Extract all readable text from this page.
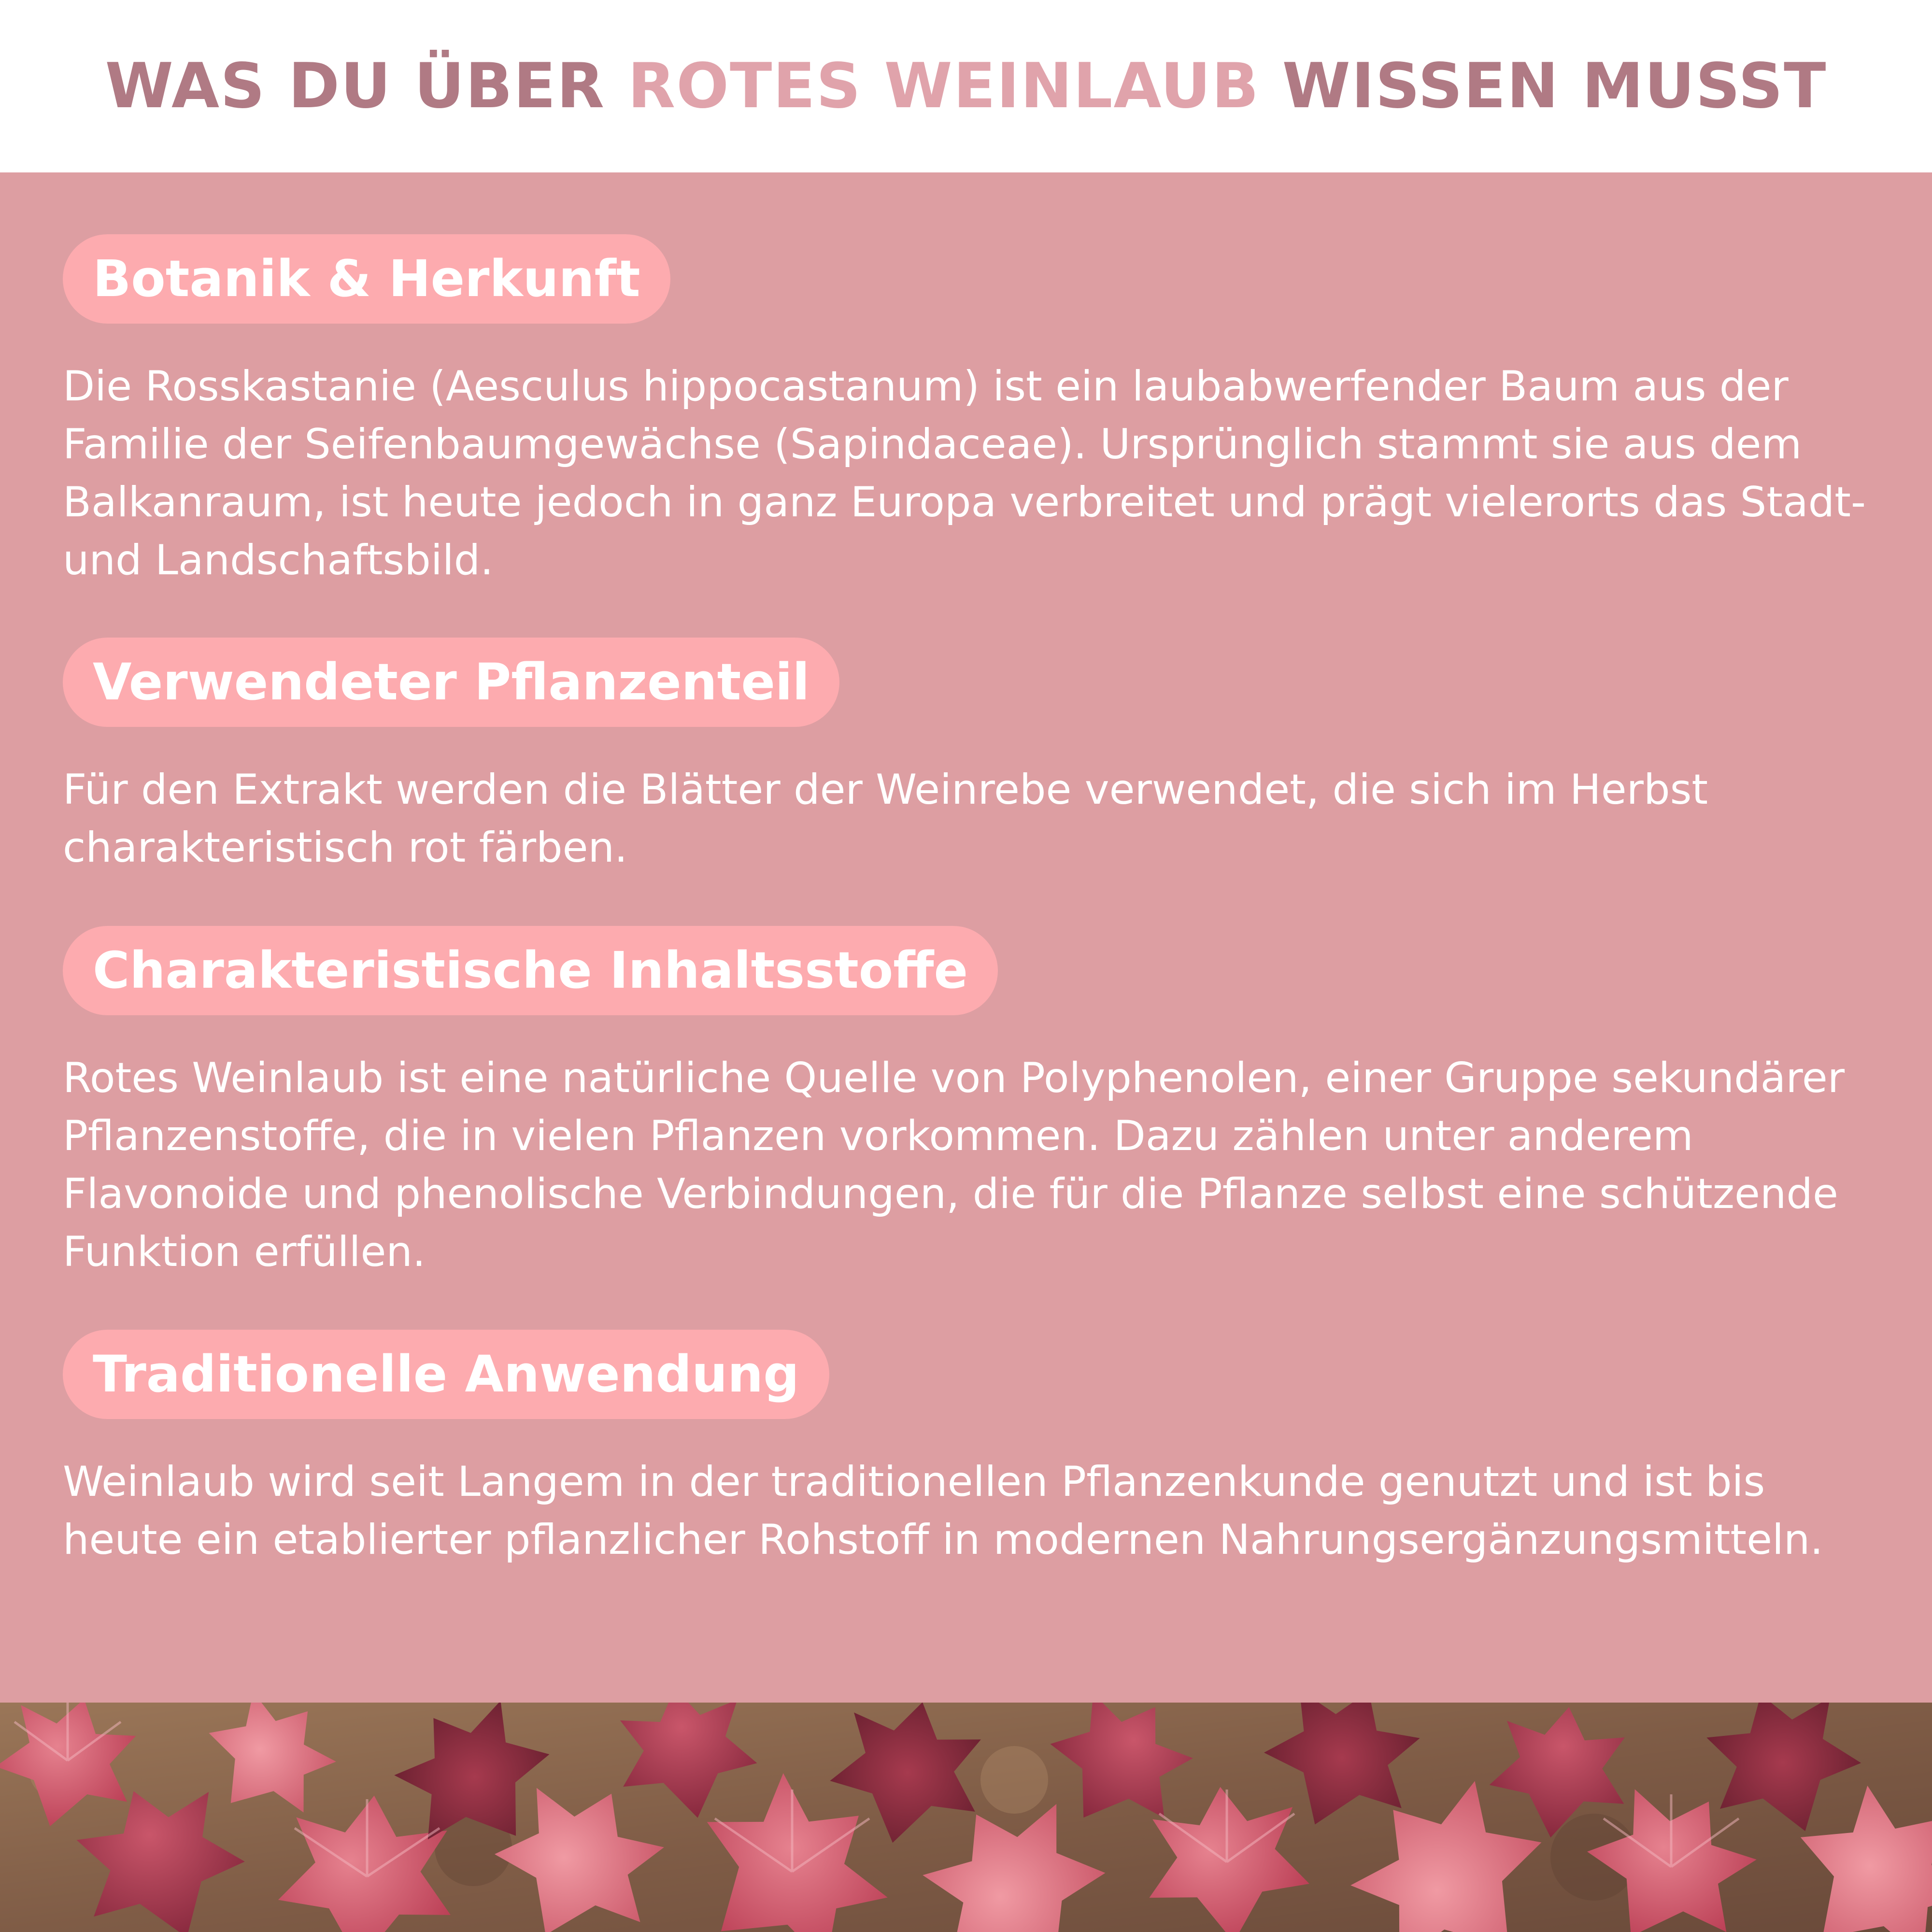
WAS DU ÜBER ROTES WEINLAUB WISSEN MUSST
Botanik & Herkunft

Die Rosskastanie (Aesculus hippocastanum) ist ein laubabwerfender Baum aus der Familie der Seifenbaumgewächse (Sapindaceae). Ursprünglich stammt sie aus dem Balkanraum, ist heute jedoch in ganz Europa verbreitet und prägt vielerorts das Stadt- und Landschaftsbild.

Verwendeter Pflanzenteil

Für den Extrakt werden die Blätter der Weinrebe verwendet, die sich im Herbst charakteristisch rot färben.

Charakteristische Inhaltsstoffe

Rotes Weinlaub ist eine natürliche Quelle von Polyphenolen, einer Gruppe sekundärer Pflanzenstoffe, die in vielen Pflanzen vorkommen. Dazu zählen unter anderem Flavonoide und phenolische Verbindungen, die für die Pflanze selbst eine schützende Funktion erfüllen.

Traditionelle Anwendung

Weinlaub wird seit Langem in der traditionellen Pflanzenkunde genutzt und ist bis heute ein etablierter pflanzlicher Rohstoff in modernen Nahrungsergänzungsmitteln.
